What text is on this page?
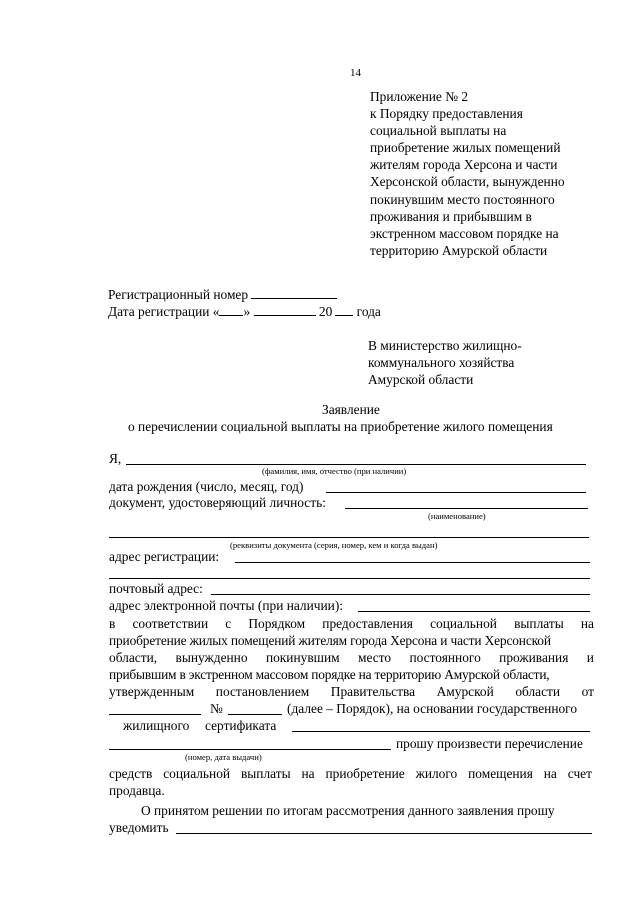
14
Приложение № 2
к Порядку предоставления
социальной выплаты на
приобретение жилых помещений
жителям города Херсона и части
Херсонской области, вынужденно
покинувшим место постоянного
проживания и прибывшим в
экстренном массовом порядке на
территорию Амурской области
Регистрационный номер
Дата регистрации « »	20 года
В министерство жилищно-
коммунального хозяйства
Амурской области
Заявление
о перечислении социальной выплаты на приобретение жилого помещения
Я,
(фамилия, имя, отчество (при наличии)
дата рождения (число, месяц, год)
документ, удостоверяющий личность:
(наименование)
(реквизиты документа (серия, номер, кем и когда выдан)
адрес регистрации:
почтовый адрес:
адрес электронной почты (при наличии):
в соответствии с Порядком предоставления социальной выплаты на
приобретение жилых помещений жителям города Херсона и части Херсонской
области, вынужденно покинувшим место постоянного проживания и
прибывшим в экстренном массовом порядке на территорию Амурской области,
утвержденным постановлением Правительства Амурской области от
№	(далее – Порядок), на основании государственного
жилищного сертификата
прошу произвести перечисление
(номер, дата выдачи)
средств социальной выплаты на приобретение жилого помещения на счет
продавца.
О принятом решении по итогам рассмотрения данного заявления прошу
уведомить
